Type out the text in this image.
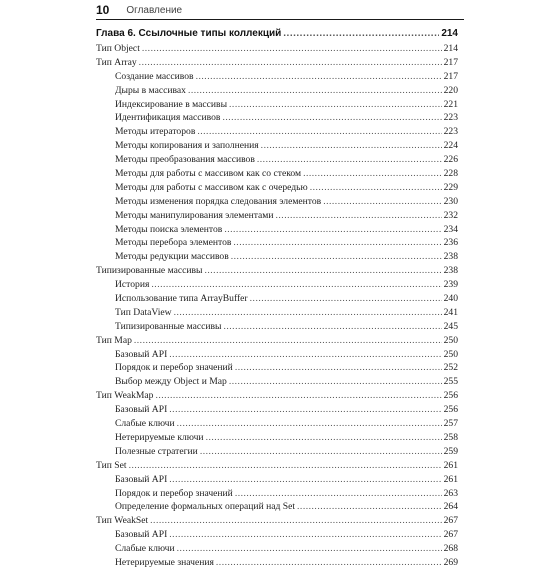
10 Оглавление
Глава 6. Ссылочные типы коллекций .....	214
Тип Object .....	214
Тип Array .....	217
Создание массивов .....	217
Дыры в массивах .....	220
Индексирование в массивы .....	221
Идентификация массивов .....	223
Методы итераторов .....	223
Методы копирования и заполнения .....	224
Методы преобразования массивов .....	226
Методы для работы с массивом как со стеком .....	228
Методы для работы с массивом как с очередью .....	229
Методы изменения порядка следования элементов .....	230
Методы манипулирования элементами .....	232
Методы поиска элементов .....	234
Методы перебора элементов .....	236
Методы редукции массивов .....	238
Типизированные массивы .....	238
История .....	239
Использование типа ArrayBuffer .....	240
Тип DataView .....	241
Типизированные массивы .....	245
Тип Map .....	250
Базовый API .....	250
Порядок и перебор значений .....	252
Выбор между Object и Map .....	255
Тип WeakMap .....	256
Базовый API .....	256
Слабые ключи .....	257
Нетерируемые ключи .....	258
Полезные стратегии .....	259
Тип Set .....	261
Базовый API .....	261
Порядок и перебор значений .....	263
Определение формальных операций над Set .....	264
Тип WeakSet .....	267
Базовый API .....	267
Слабые ключи .....	268
Нетерируемые значения .....	269
